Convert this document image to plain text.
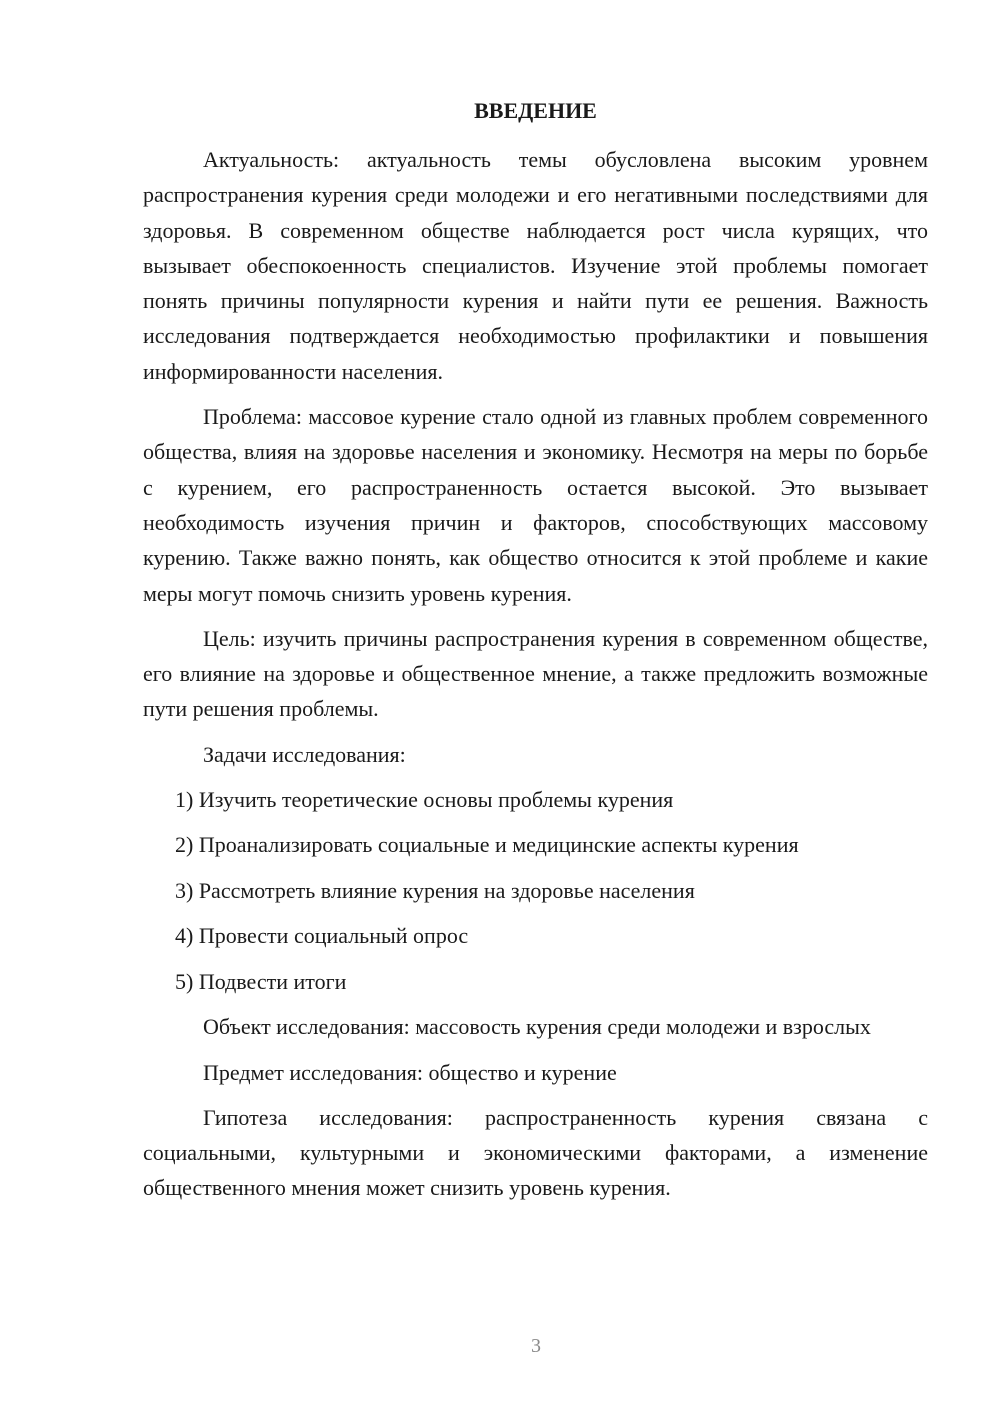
ВВЕДЕНИЕ

Актуальность: актуальность темы обусловлена высоким уровнем распространения курения среди молодежи и его негативными последствиями для здоровья. В современном обществе наблюдается рост числа курящих, что вызывает обеспокоенность специалистов. Изучение этой проблемы помогает понять причины популярности курения и найти пути ее решения. Важность исследования подтверждается необходимостью профилактики и повышения информированности населения.

Проблема: массовое курение стало одной из главных проблем современного общества, влияя на здоровье населения и экономику. Несмотря на меры по борьбе с курением, его распространенность остается высокой. Это вызывает необходимость изучения причин и факторов, способствующих массовому курению. Также важно понять, как общество относится к этой проблеме и какие меры могут помочь снизить уровень курения.

Цель: изучить причины распространения курения в современном обществе, его влияние на здоровье и общественное мнение, а также предложить возможные пути решения проблемы.

Задачи исследования:

1) Изучить теоретические основы проблемы курения
2) Проанализировать социальные и медицинские аспекты курения
3) Рассмотреть влияние курения на здоровье населения
4) Провести социальный опрос
5) Подвести итоги

Объект исследования: массовость курения среди молодежи и взрослых

Предмет исследования: общество и курение

Гипотеза исследования: распространенность курения связана с социальными, культурными и экономическими факторами, а изменение общественного мнения может снизить уровень курения.

3
